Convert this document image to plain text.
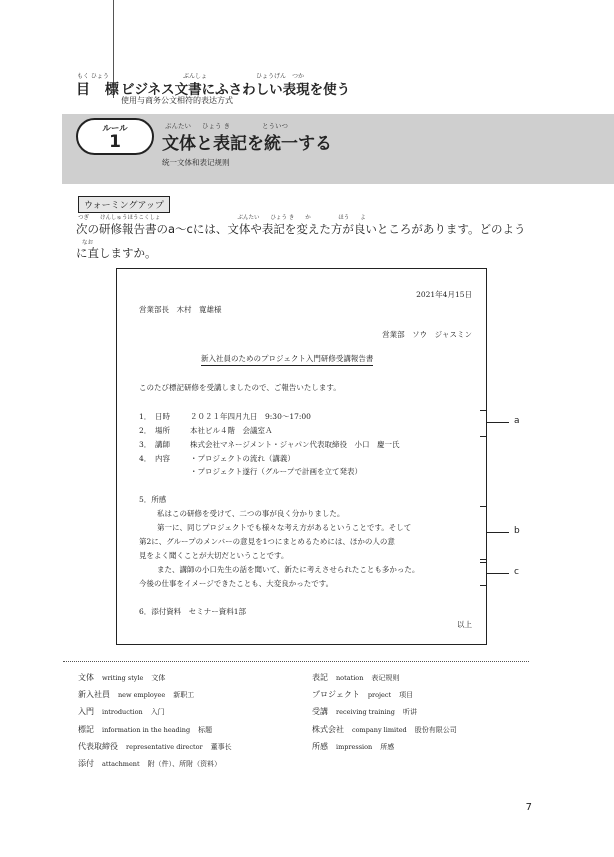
もく ひょう
目 標
ぶんしょ	ひょうげん つか
ビジネス文書にふさわしい表現を使う
使用与商务公文相符的表达方式
ルール
1
ぶんたい ひょう き	とういつ
文体と表記を統一する
统一文体和表记规则
ウォーミングアップ
つぎ　　けんしゅうほうこくしょ　　　　　　　　　　　　　　ぶんたい　　ひょう き　　か　　　　　ほう　　よ
次の研修報告書のa〜cには、文体や表記を変えた方が良いところがあります。どのよう
なお
に直しますか。
2021年4月15日
営業部長　木村　寛雄様
営業部　ソウ　ジャスミン
新入社員のためのプロジェクト入門研修受講報告書
このたび標記研修を受講しましたので、ご報告いたします。
1． 日時	２０２１年四月九日　9:30〜17:00
2． 場所	本社ビル４階　会議室Ａ
3． 講師	株式会社マネージメント・ジャパン代表取締役　小口　慶一氏
4． 内容	・プロジェクトの流れ（講義）
・プロジェクト遂行（グループで計画を立て発表）
5．所感
私はこの研修を受けて、二つの事が良く分かりました。
第一に、同じプロジェクトでも様々な考え方があるということです。そして
第2に、グループのメンバーの意見を1つにまとめるためには、ほかの人の意
見をよく聞くことが大切だということです。
また、講師の小口先生の話を聞いて、新たに考えさせられたことも多かった。
今後の仕事をイメージできたことも、大変良かったです。
6．添付資料　セミナー資料1部
以上
a
b
c
文体 writing style 文体	表記 notation 表记规则
新入社員 new employee 新职工	プロジェクト project 项目
入門 introduction 入门	受講 receiving training 听讲
標記 information in the heading 标题	株式会社 company limited 股份有限公司
代表取締役 representative director 董事长	所感 impression 所感
添付 attachment 附（件）、所附（资料）
7
